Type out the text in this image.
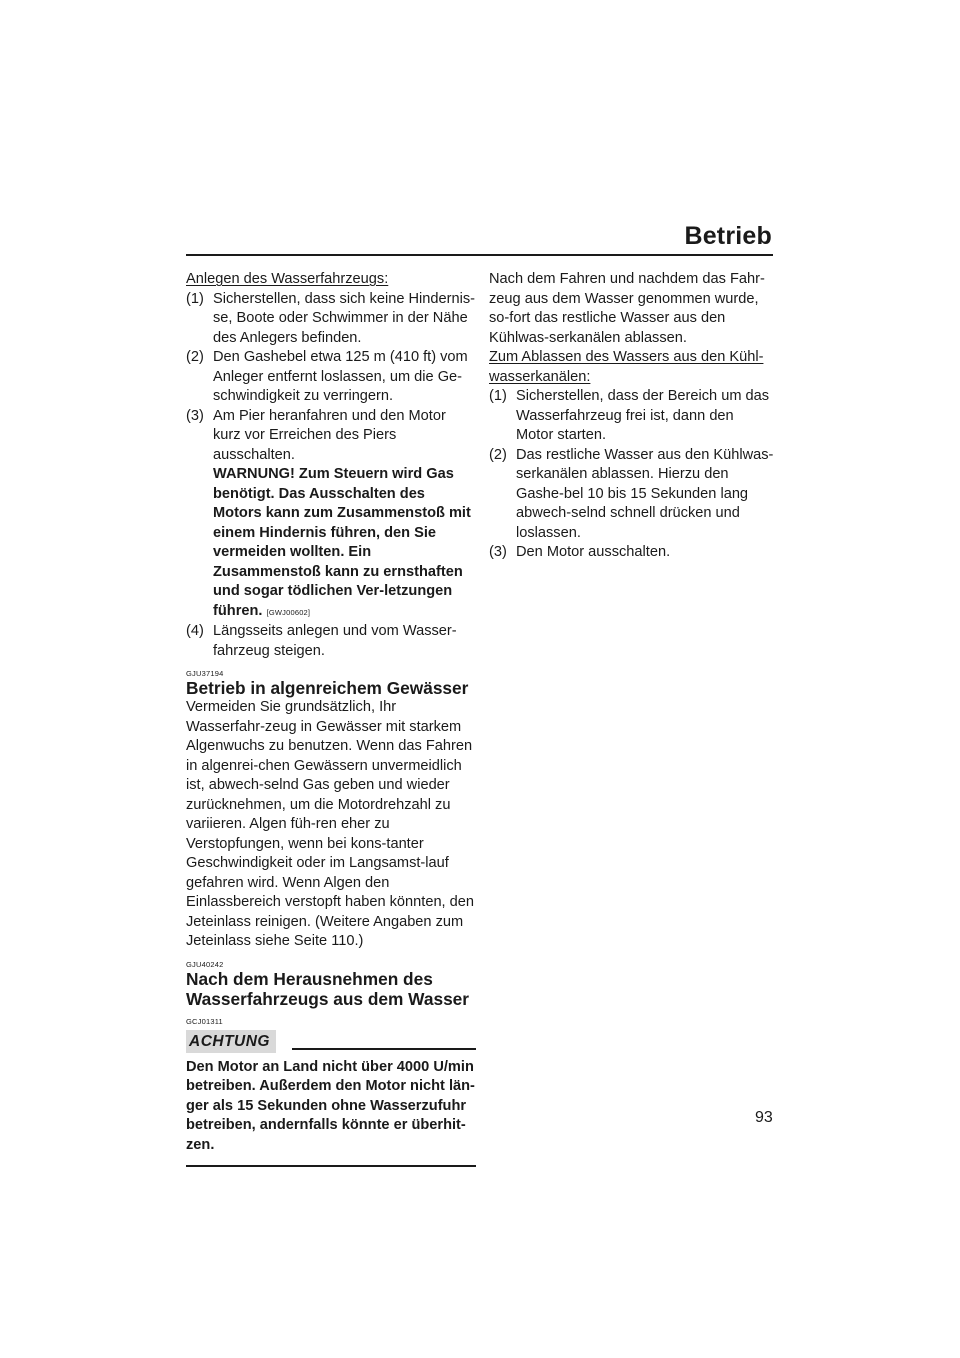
Betrieb
Anlegen des Wasserfahrzeugs:
(1) Sicherstellen, dass sich keine Hindernis-se, Boote oder Schwimmer in der Nähe des Anlegers befinden.
(2) Den Gashebel etwa 125 m (410 ft) vom Anleger entfernt loslassen, um die Ge-schwindigkeit zu verringern.
(3) Am Pier heranfahren und den Motor kurz vor Erreichen des Piers ausschalten.
WARNUNG! Zum Steuern wird Gas benötigt. Das Ausschalten des Motors kann zum Zusammenstoß mit einem Hindernis führen, den Sie vermeiden wollten. Ein Zusammenstoß kann zu ernsthaften und sogar tödlichen Ver-letzungen führen. [GWJ00602]
(4) Längsseits anlegen und vom Wasser-fahrzeug steigen.
GJU37194
Betrieb in algenreichem Gewässer
Vermeiden Sie grundsätzlich, Ihr Wasserfahr-zeug in Gewässer mit starkem Algenwuchs zu benutzen. Wenn das Fahren in algenrei-chen Gewässern unvermeidlich ist, abwech-selnd Gas geben und wieder zurücknehmen, um die Motordrehzahl zu variieren. Algen füh-ren eher zu Verstopfungen, wenn bei kons-tanter Geschwindigkeit oder im Langsamst-lauf gefahren wird. Wenn Algen den Einlassbereich verstopft haben könnten, den Jeteinlass reinigen. (Weitere Angaben zum Jeteinlass siehe Seite 110.)
GJU40242
Nach dem Herausnehmen des Wasserfahrzeugs aus dem Wasser
GCJ01311
ACHTUNG
Den Motor an Land nicht über 4000 U/min betreiben. Außerdem den Motor nicht län-ger als 15 Sekunden ohne Wasserzufuhr betreiben, andernfalls könnte er überhit-zen.
Nach dem Fahren und nachdem das Fahr-zeug aus dem Wasser genommen wurde, so-fort das restliche Wasser aus den Kühlwas-serkanälen ablassen.
Zum Ablassen des Wassers aus den Kühl-wasserkanälen:
(1) Sicherstellen, dass der Bereich um das Wasserfahrzeug frei ist, dann den Motor starten.
(2) Das restliche Wasser aus den Kühlwas-serkanälen ablassen. Hierzu den Gashe-bel 10 bis 15 Sekunden lang abwech-selnd schnell drücken und loslassen.
(3) Den Motor ausschalten.
93
